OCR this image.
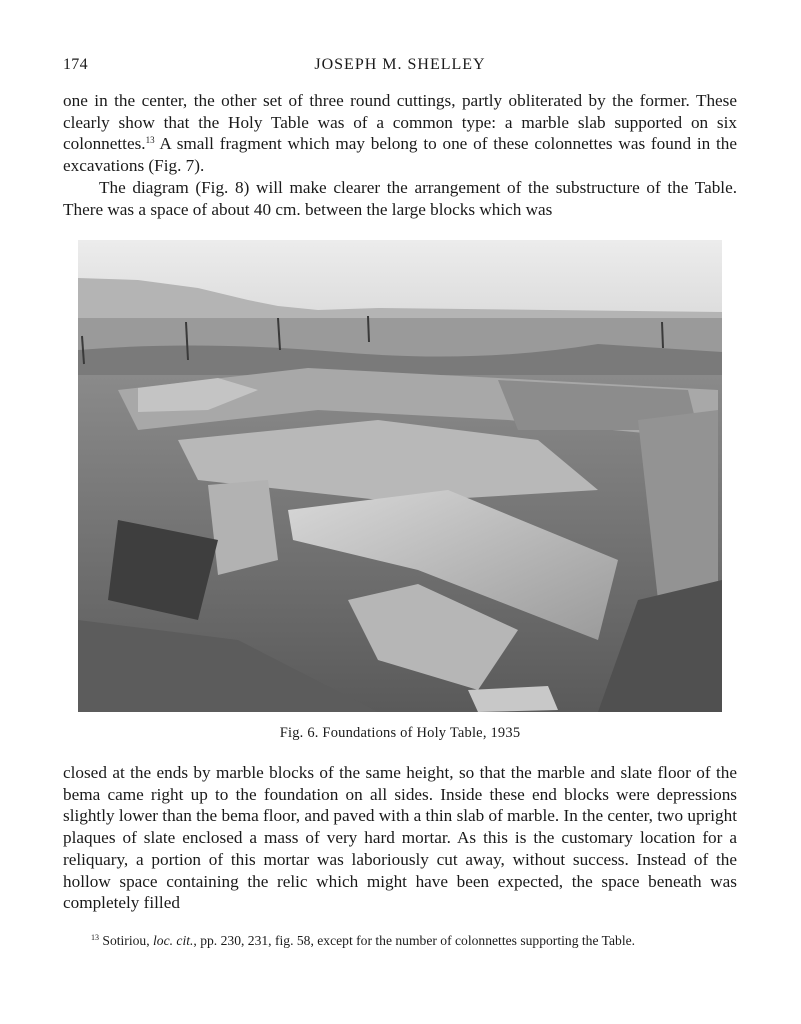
174	JOSEPH M. SHELLEY

one in the center, the other set of three round cuttings, partly obliterated by the former. These clearly show that the Holy Table was of a common type: a marble slab supported on six colonnettes.$^{13}$ A small fragment which may belong to one of these colonnettes was found in the excavations (Fig. 7).

The diagram (Fig. 8) will make clearer the arrangement of the substructure of the Table. There was a space of about 40 cm. between the large blocks which was

Fig. 6. Foundations of Holy Table, 1935

closed at the ends by marble blocks of the same height, so that the marble and slate floor of the bema came right up to the foundation on all sides. Inside these end blocks were depressions slightly lower than the bema floor, and paved with a thin slab of marble. In the center, two upright plaques of slate enclosed a mass of very hard mortar. As this is the customary location for a reliquary, a portion of this mortar was laboriously cut away, without success. Instead of the hollow space containing the relic which might have been expected, the space beneath was completely filled

$^{13}$ Sotiriou, loc. cit., pp. 230, 231, fig. 58, except for the number of colonnettes supporting the Table.
